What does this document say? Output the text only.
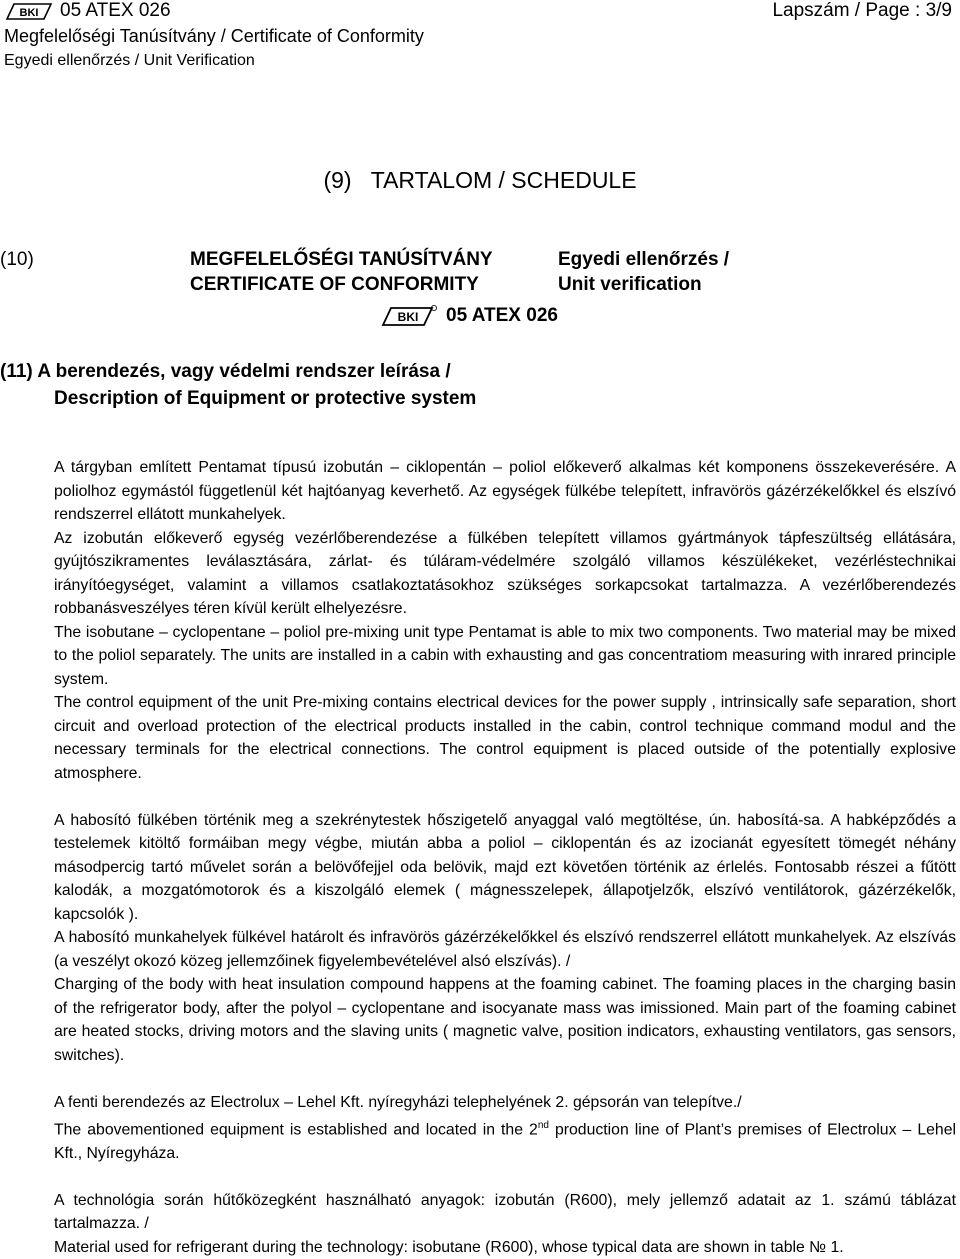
BKI 05 ATEX 026	Lapszám / Page : 3/9
Megfelelőségi Tanúsítvány / Certificate of Conformity
Egyedi ellenőrzés / Unit Verification
(9) TARTALOM / SCHEDULE
(10)	MEGFELELŐSÉGI TANÚSÍTVÁNY	Egyedi ellenőrzés /
CERTIFICATE OF CONFORMITY	Unit verification
BKI 05 ATEX 026
(11) A berendezés, vagy védelmi rendszer leírása /
Description of Equipment or protective system

A tárgyban említett Pentamat típusú izobután – ciklopentán – poliol előkeverő alkalmas két komponens összekeverésére. A poliolhoz egymástól függetlenül két hajtóanyag keverhető. Az egységek fülkébe telepített, infravörös gázérzékelőkkel és elszívó rendszerrel ellátott munkahelyek.

Az izobután előkeverő egység vezérlőberendezése a fülkében telepített villamos gyártmányok tápfeszültség ellátására, gyújtószikramentes leválasztására, zárlat- és túláram-védelmére szolgáló villamos készülékeket, vezérléstechnikai irányítóegységet, valamint a villamos csatlakoztatásokhoz szükséges sorkapcsokat tartalmazza. A vezérlőberendezés robbanásveszélyes téren kívül került elhelyezésre.

The isobutane – cyclopentane – poliol pre-mixing unit type Pentamat is able to mix two components. Two material may be mixed to the poliol separately. The units are installed in a cabin with exhausting and gas concentratiom measuring with inrared principle system.

The control equipment of the unit Pre-mixing contains electrical devices for the power supply , intrinsically safe separation, short circuit and overload protection of the electrical products installed in the cabin, control technique command modul and the necessary terminals for the electrical connections. The control equipment is placed outside of the potentially explosive atmosphere.

A habosító fülkében történik meg a szekrénytestek hőszigetelő anyaggal való megtöltése, ún. habosítá-sa. A habképződés a testelemek kitöltő formáiban megy végbe, miután abba a poliol – ciklopentán és az izocianát egyesített tömegét néhány másodpercig tartó művelet során a belövőfejjel oda belövik, majd ezt követően történik az érlelés. Fontosabb részei a fűtött kalodák, a mozgatómotorok és a kiszolgáló elemek ( mágnesszelepek, állapotjelzők, elszívó ventilátorok, gázérzékelők, kapcsolók ).

A habosító munkahelyek fülkével határolt és infravörös gázérzékelőkkel és elszívó rendszerrel ellátott munkahelyek. Az elszívás (a veszélyt okozó közeg jellemzőinek figyelembevételével alsó elszívás). /

Charging of the body with heat insulation compound happens at the foaming cabinet. The foaming places in the charging basin of the refrigerator body, after the polyol – cyclopentane and isocyanate mass was imissioned. Main part of the foaming cabinet are heated stocks, driving motors and the slaving units ( magnetic valve, position indicators, exhausting ventilators, gas sensors, switches).

A fenti berendezés az Electrolux – Lehel Kft. nyíregyházi telephelyének 2. gépsorán van telepítve./

The abovementioned equipment is established and located in the 2nd production line of Plant’s premises of Electrolux – Lehel Kft., Nyíregyháza.

A technológia során hűtőközegként használható anyagok: izobután (R600), mely jellemző adatait az 1. számú táblázat tartalmazza. /

Material used for refrigerant during the technology: isobutane (R600), whose typical data are shown in table № 1.
